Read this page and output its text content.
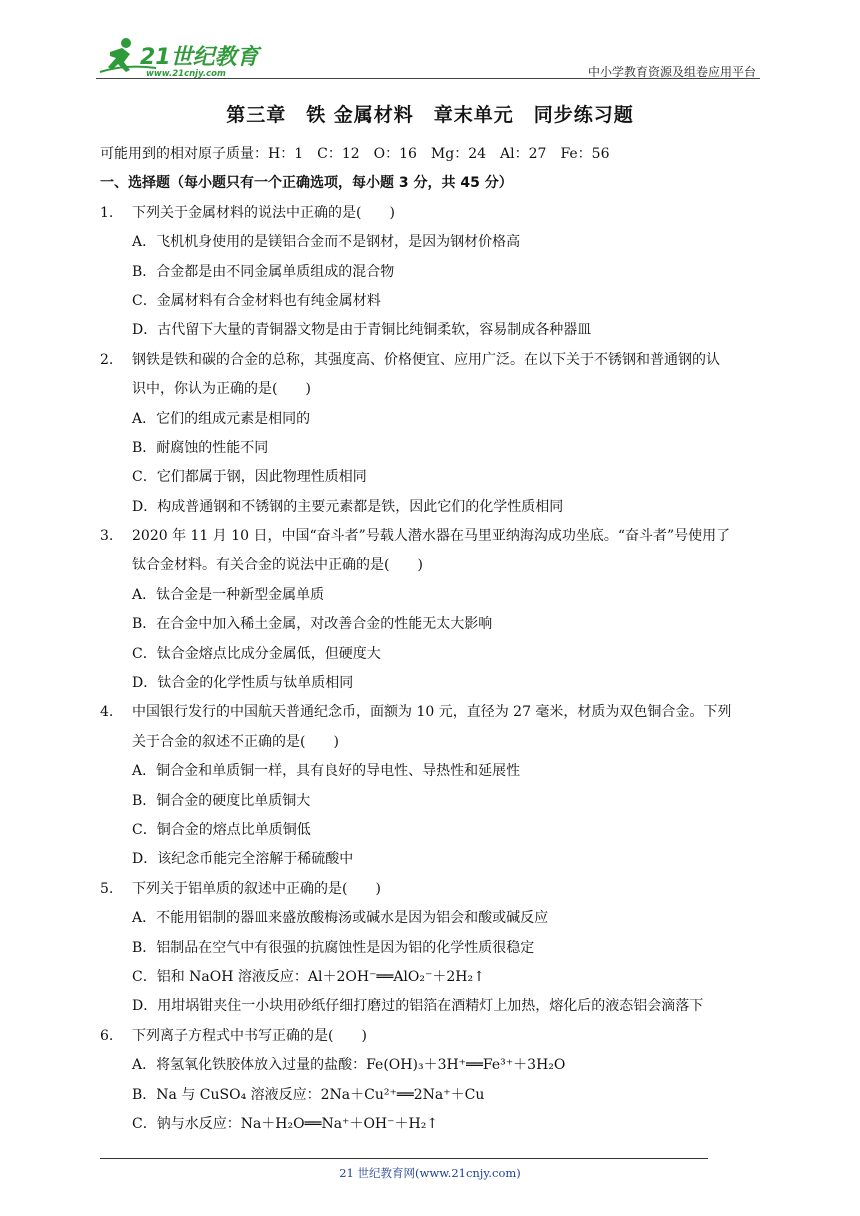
21世纪教育
www.21cnjy.com	中小学教育资源及组卷应用平台
第三章　铁 金属材料　章末单元　同步练习题
可能用到的相对原子质量：H：1　C：12　O：16　Mg：24　Al：27　Fe：56
一、选择题（每小题只有一个正确选项，每小题 3 分，共 45 分）
1.	下列关于金属材料的说法中正确的是(　　)
A．飞机机身使用的是镁铝合金而不是钢材，是因为钢材价格高
B．合金都是由不同金属单质组成的混合物
C．金属材料有合金材料也有纯金属材料
D．古代留下大量的青铜器文物是由于青铜比纯铜柔软，容易制成各种器皿
2.	钢铁是铁和碳的合金的总称，其强度高、价格便宜、应用广泛。在以下关于不锈钢和普通钢的认
识中，你认为正确的是(　　)
A．它们的组成元素是相同的
B．耐腐蚀的性能不同
C．它们都属于钢，因此物理性质相同
D．构成普通钢和不锈钢的主要元素都是铁，因此它们的化学性质相同
3.	2020 年 11 月 10 日，中国“奋斗者”号载人潜水器在马里亚纳海沟成功坐底。“奋斗者”号使用了
钛合金材料。有关合金的说法中正确的是(　　)
A．钛合金是一种新型金属单质
B．在合金中加入稀土金属，对改善合金的性能无太大影响
C．钛合金熔点比成分金属低，但硬度大
D．钛合金的化学性质与钛单质相同
4.	中国银行发行的中国航天普通纪念币，面额为 10 元，直径为 27 毫米，材质为双色铜合金。下列
关于合金的叙述不正确的是(　　)
A．铜合金和单质铜一样，具有良好的导电性、导热性和延展性
B．铜合金的硬度比单质铜大
C．铜合金的熔点比单质铜低
D．该纪念币能完全溶解于稀硫酸中
5.	下列关于铝单质的叙述中正确的是(　　)
A．不能用铝制的器皿来盛放酸梅汤或碱水是因为铝会和酸或碱反应
B．铝制品在空气中有很强的抗腐蚀性是因为铝的化学性质很稳定
C．铝和 NaOH 溶液反应：Al＋2OH⁻══AlO₂⁻＋2H₂↑
D．用坩埚钳夹住一小块用砂纸仔细打磨过的铝箔在酒精灯上加热，熔化后的液态铝会滴落下
6.	下列离子方程式中书写正确的是(　　)
A．将氢氧化铁胶体放入过量的盐酸：Fe(OH)₃＋3H⁺══Fe³⁺＋3H₂O
B．Na 与 CuSO₄ 溶液反应：2Na＋Cu²⁺══2Na⁺＋Cu
C．钠与水反应：Na＋H₂O══Na⁺＋OH⁻＋H₂↑
21 世纪教育网(www.21cnjy.com)
